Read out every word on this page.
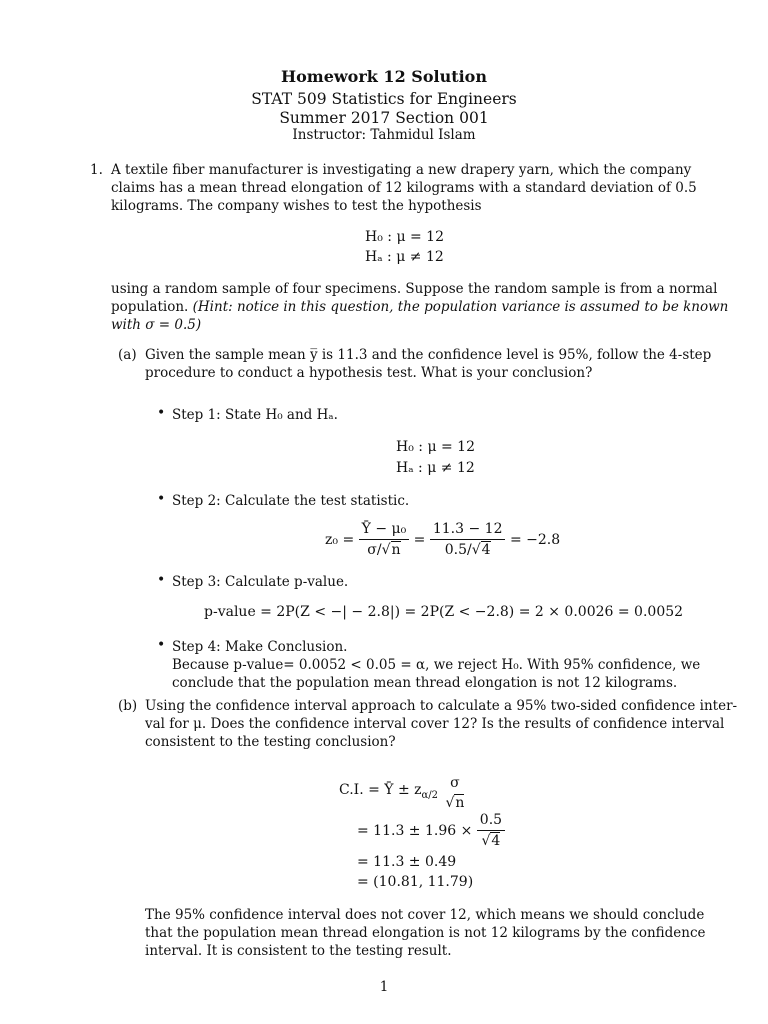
Homework 12 Solution
STAT 509 Statistics for Engineers
Summer 2017 Section 001
Instructor: Tahmidul Islam
1. A textile fiber manufacturer is investigating a new drapery yarn, which the company
claims has a mean thread elongation of 12 kilograms with a standard deviation of 0.5
kilograms. The company wishes to test the hypothesis
H₀ : μ = 12
Hₐ : μ ≠ 12
using a random sample of four specimens. Suppose the random sample is from a normal
population. (Hint: notice in this question, the population variance is assumed to be known
with σ = 0.5)
(a) Given the sample mean y̅ is 11.3 and the confidence level is 95%, follow the 4-step
procedure to conduct a hypothesis test. What is your conclusion?
• Step 1: State H₀ and Hₐ.
H₀ : μ = 12
Hₐ : μ ≠ 12
• Step 2: Calculate the test statistic.
$z_0 = \frac{\text{Ȳ − μ₀}}{\sigma/√n} = \frac{11.3 - 12}{0.5/√4} = -2.8$
• Step 3: Calculate p-value.
p-value = 2P(Z < −| − 2.8|) = 2P(Z < −2.8) = 2 × 0.0026 = 0.0052
• Step 4: Make Conclusion.
Because p-value= 0.0052 < 0.05 = α, we reject H₀. With 95% confidence, we
conclude that the population mean thread elongation is not 12 kilograms.
(b) Using the confidence interval approach to calculate a 95% two-sided confidence inter-
val for μ. Does the confidence interval cover 12? Is the results of confidence interval
consistent to the testing conclusion?
C.I. = Ȳ ± $z_{\alpha/2}$
σ
√n
= $11.3 \pm 1.96 \times \frac{0.5}{√4}$
= 11.3 ± 0.49
= (10.81, 11.79)
The 95% confidence interval does not cover 12, which means we should conclude
that the population mean thread elongation is not 12 kilograms by the confidence
interval. It is consistent to the testing result.
1
